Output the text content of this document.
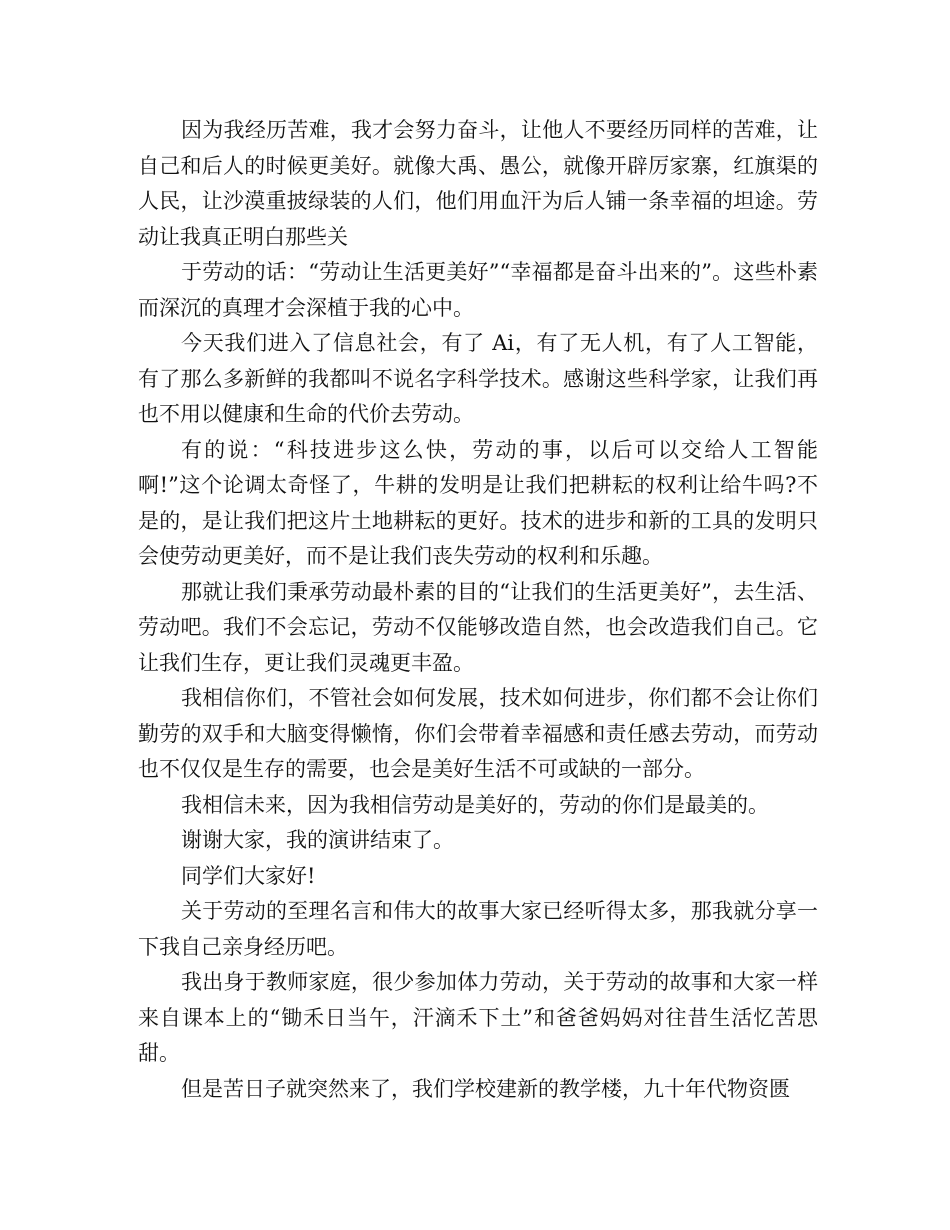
因为我经历苦难，我才会努力奋斗，让他人不要经历同样的苦难，让自己和后人的时候更美好。就像大禹、愚公，就像开辟厉家寨，红旗渠的人民，让沙漠重披绿装的人们，他们用血汗为后人铺一条幸福的坦途。劳动让我真正明白那些关

于劳动的话：“劳动让生活更美好”“幸福都是奋斗出来的”。这些朴素而深沉的真理才会深植于我的心中。

今天我们进入了信息社会，有了 Ai，有了无人机，有了人工智能，有了那么多新鲜的我都叫不说名字科学技术。感谢这些科学家，让我们再也不用以健康和生命的代价去劳动。

有的说：“科技进步这么快，劳动的事，以后可以交给人工智能啊!”这个论调太奇怪了，牛耕的发明是让我们把耕耘的权利让给牛吗?不是的，是让我们把这片土地耕耘的更好。技术的进步和新的工具的发明只会使劳动更美好，而不是让我们丧失劳动的权利和乐趣。

那就让我们秉承劳动最朴素的目的“让我们的生活更美好”，去生活、劳动吧。我们不会忘记，劳动不仅能够改造自然，也会改造我们自己。它让我们生存，更让我们灵魂更丰盈。

我相信你们，不管社会如何发展，技术如何进步，你们都不会让你们勤劳的双手和大脑变得懒惰，你们会带着幸福感和责任感去劳动，而劳动也不仅仅是生存的需要，也会是美好生活不可或缺的一部分。

我相信未来，因为我相信劳动是美好的，劳动的你们是最美的。

谢谢大家，我的演讲结束了。

同学们大家好!

关于劳动的至理名言和伟大的故事大家已经听得太多，那我就分享一下我自己亲身经历吧。

我出身于教师家庭，很少参加体力劳动，关于劳动的故事和大家一样来自课本上的“锄禾日当午，汗滴禾下土”和爸爸妈妈对往昔生活忆苦思甜。

但是苦日子就突然来了，我们学校建新的教学楼，九十年代物资匮
